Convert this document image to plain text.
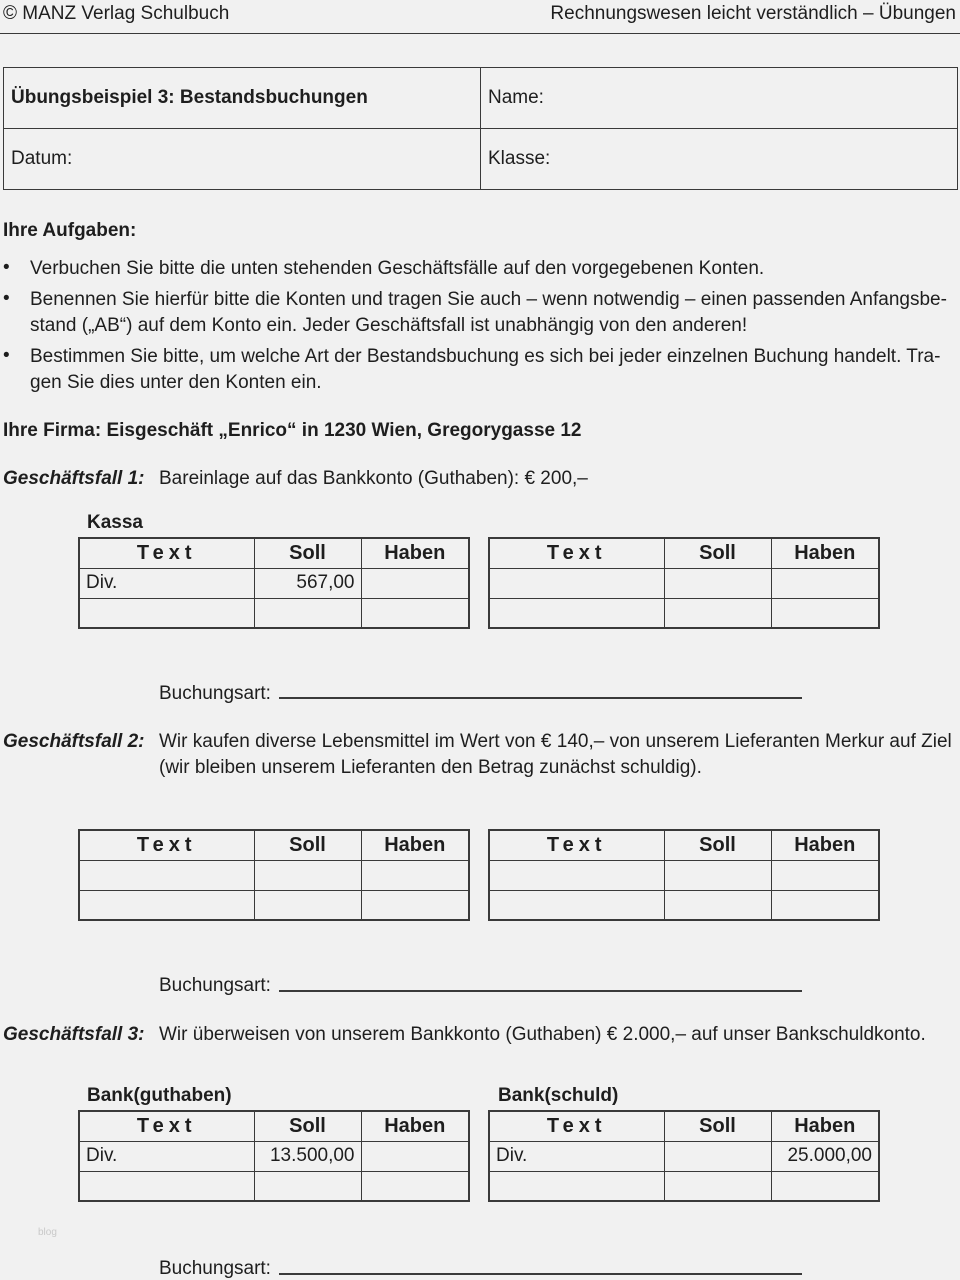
© MANZ Verlag Schulbuch	Rechnungswesen leicht verständlich – Übungen
Übungsbeispiel 3: Bestandsbuchungen	Name:
Datum:	Klasse:
Ihre Aufgaben:
• Verbuchen Sie bitte die unten stehenden Geschäftsfälle auf den vorgegebenen Konten.
• Benennen Sie hierfür bitte die Konten und tragen Sie auch – wenn notwendig – einen passenden Anfangsbe-stand („AB“) auf dem Konto ein. Jeder Geschäftsfall ist unabhängig von den anderen!
• Bestimmen Sie bitte, um welche Art der Bestandsbuchung es sich bei jeder einzelnen Buchung handelt. Tra-gen Sie dies unter den Konten ein.
Ihre Firma: Eisgeschäft „Enrico“ in 1230 Wien, Gregorygasse 12
Geschäftsfall 1: Bareinlage auf das Bankkonto (Guthaben): € 200,–
Kassa
Text	Soll	Haben
Div.	567,00	

Text	Soll	Haben

Buchungsart:
Geschäftsfall 2: Wir kaufen diverse Lebensmittel im Wert von € 140,– von unserem Lieferanten Merkur auf Ziel
(wir bleiben unserem Lieferanten den Betrag zunächst schuldig).
Text	Soll	Haben

			Text	Soll	Haben

Buchungsart:
Geschäftsfall 3: Wir überweisen von unserem Bankkonto (Guthaben) € 2.000,– auf unser Bankschuldkonto.
Bank(guthaben)	Bank(schuld)
Text	Soll	Haben
Div.	13.500,00	

Text	Soll	Haben
Div.		25.000,00

blog
Buchungsart:
